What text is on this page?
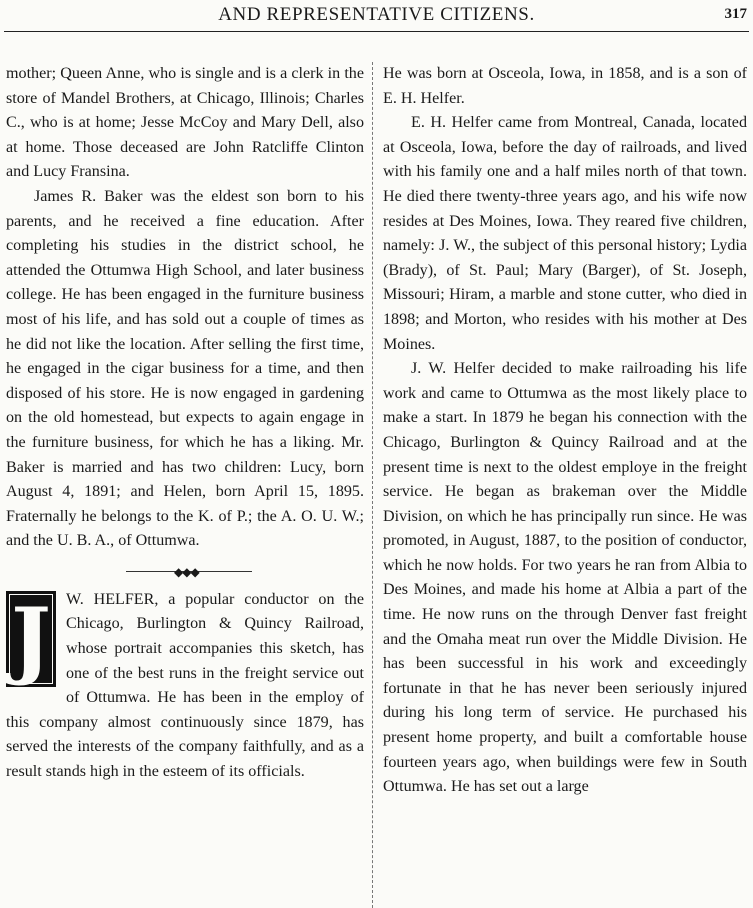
AND REPRESENTATIVE CITIZENS.	317

mother; Queen Anne, who is single and is a clerk in the store of Mandel Brothers, at Chicago, Illinois; Charles C., who is at home; Jesse McCoy and Mary Dell, also at home. Those deceased are John Ratcliffe Clinton and Lucy Fransina.

James R. Baker was the eldest son born to his parents, and he received a fine education. After completing his studies in the district school, he attended the Ottumwa High School, and later business college. He has been engaged in the furniture business most of his life, and has sold out a couple of times as he did not like the location. After selling the first time, he engaged in the cigar business for a time, and then disposed of his store. He is now engaged in gardening on the old homestead, but expects to again engage in the furniture business, for which he has a liking. Mr. Baker is married and has two children: Lucy, born August 4, 1891; and Helen, born April 15, 1895. Fraternally he belongs to the K. of P.; the A. O. U. W.; and the U. B. A., of Ottumwa.

◆◆◆
J W. HELFER, a popular conductor on the Chicago, Burlington & Quincy Railroad, whose portrait accompanies this sketch, has one of the best runs in the freight service out of Ottumwa. He has been in the employ of this company almost continuously since 1879, has served the interests of the company faithfully, and as a result stands high in the esteem of its officials.

He was born at Osceola, Iowa, in 1858, and is a son of E. H. Helfer.

E. H. Helfer came from Montreal, Canada, located at Osceola, Iowa, before the day of railroads, and lived with his family one and a half miles north of that town. He died there twenty-three years ago, and his wife now resides at Des Moines, Iowa. They reared five children, namely: J. W., the subject of this personal history; Lydia (Brady), of St. Paul; Mary (Barger), of St. Joseph, Missouri; Hiram, a marble and stone cutter, who died in 1898; and Morton, who resides with his mother at Des Moines.

J. W. Helfer decided to make railroading his life work and came to Ottumwa as the most likely place to make a start. In 1879 he began his connection with the Chicago, Burlington & Quincy Railroad and at the present time is next to the oldest employe in the freight service. He began as brakeman over the Middle Division, on which he has principally run since. He was promoted, in August, 1887, to the position of conductor, which he now holds. For two years he ran from Albia to Des Moines, and made his home at Albia a part of the time. He now runs on the through Denver fast freight and the Omaha meat run over the Middle Division. He has been successful in his work and exceedingly fortunate in that he has never been seriously injured during his long term of service. He purchased his present home property, and built a comfortable house fourteen years ago, when buildings were few in South Ottumwa. He has set out a large
